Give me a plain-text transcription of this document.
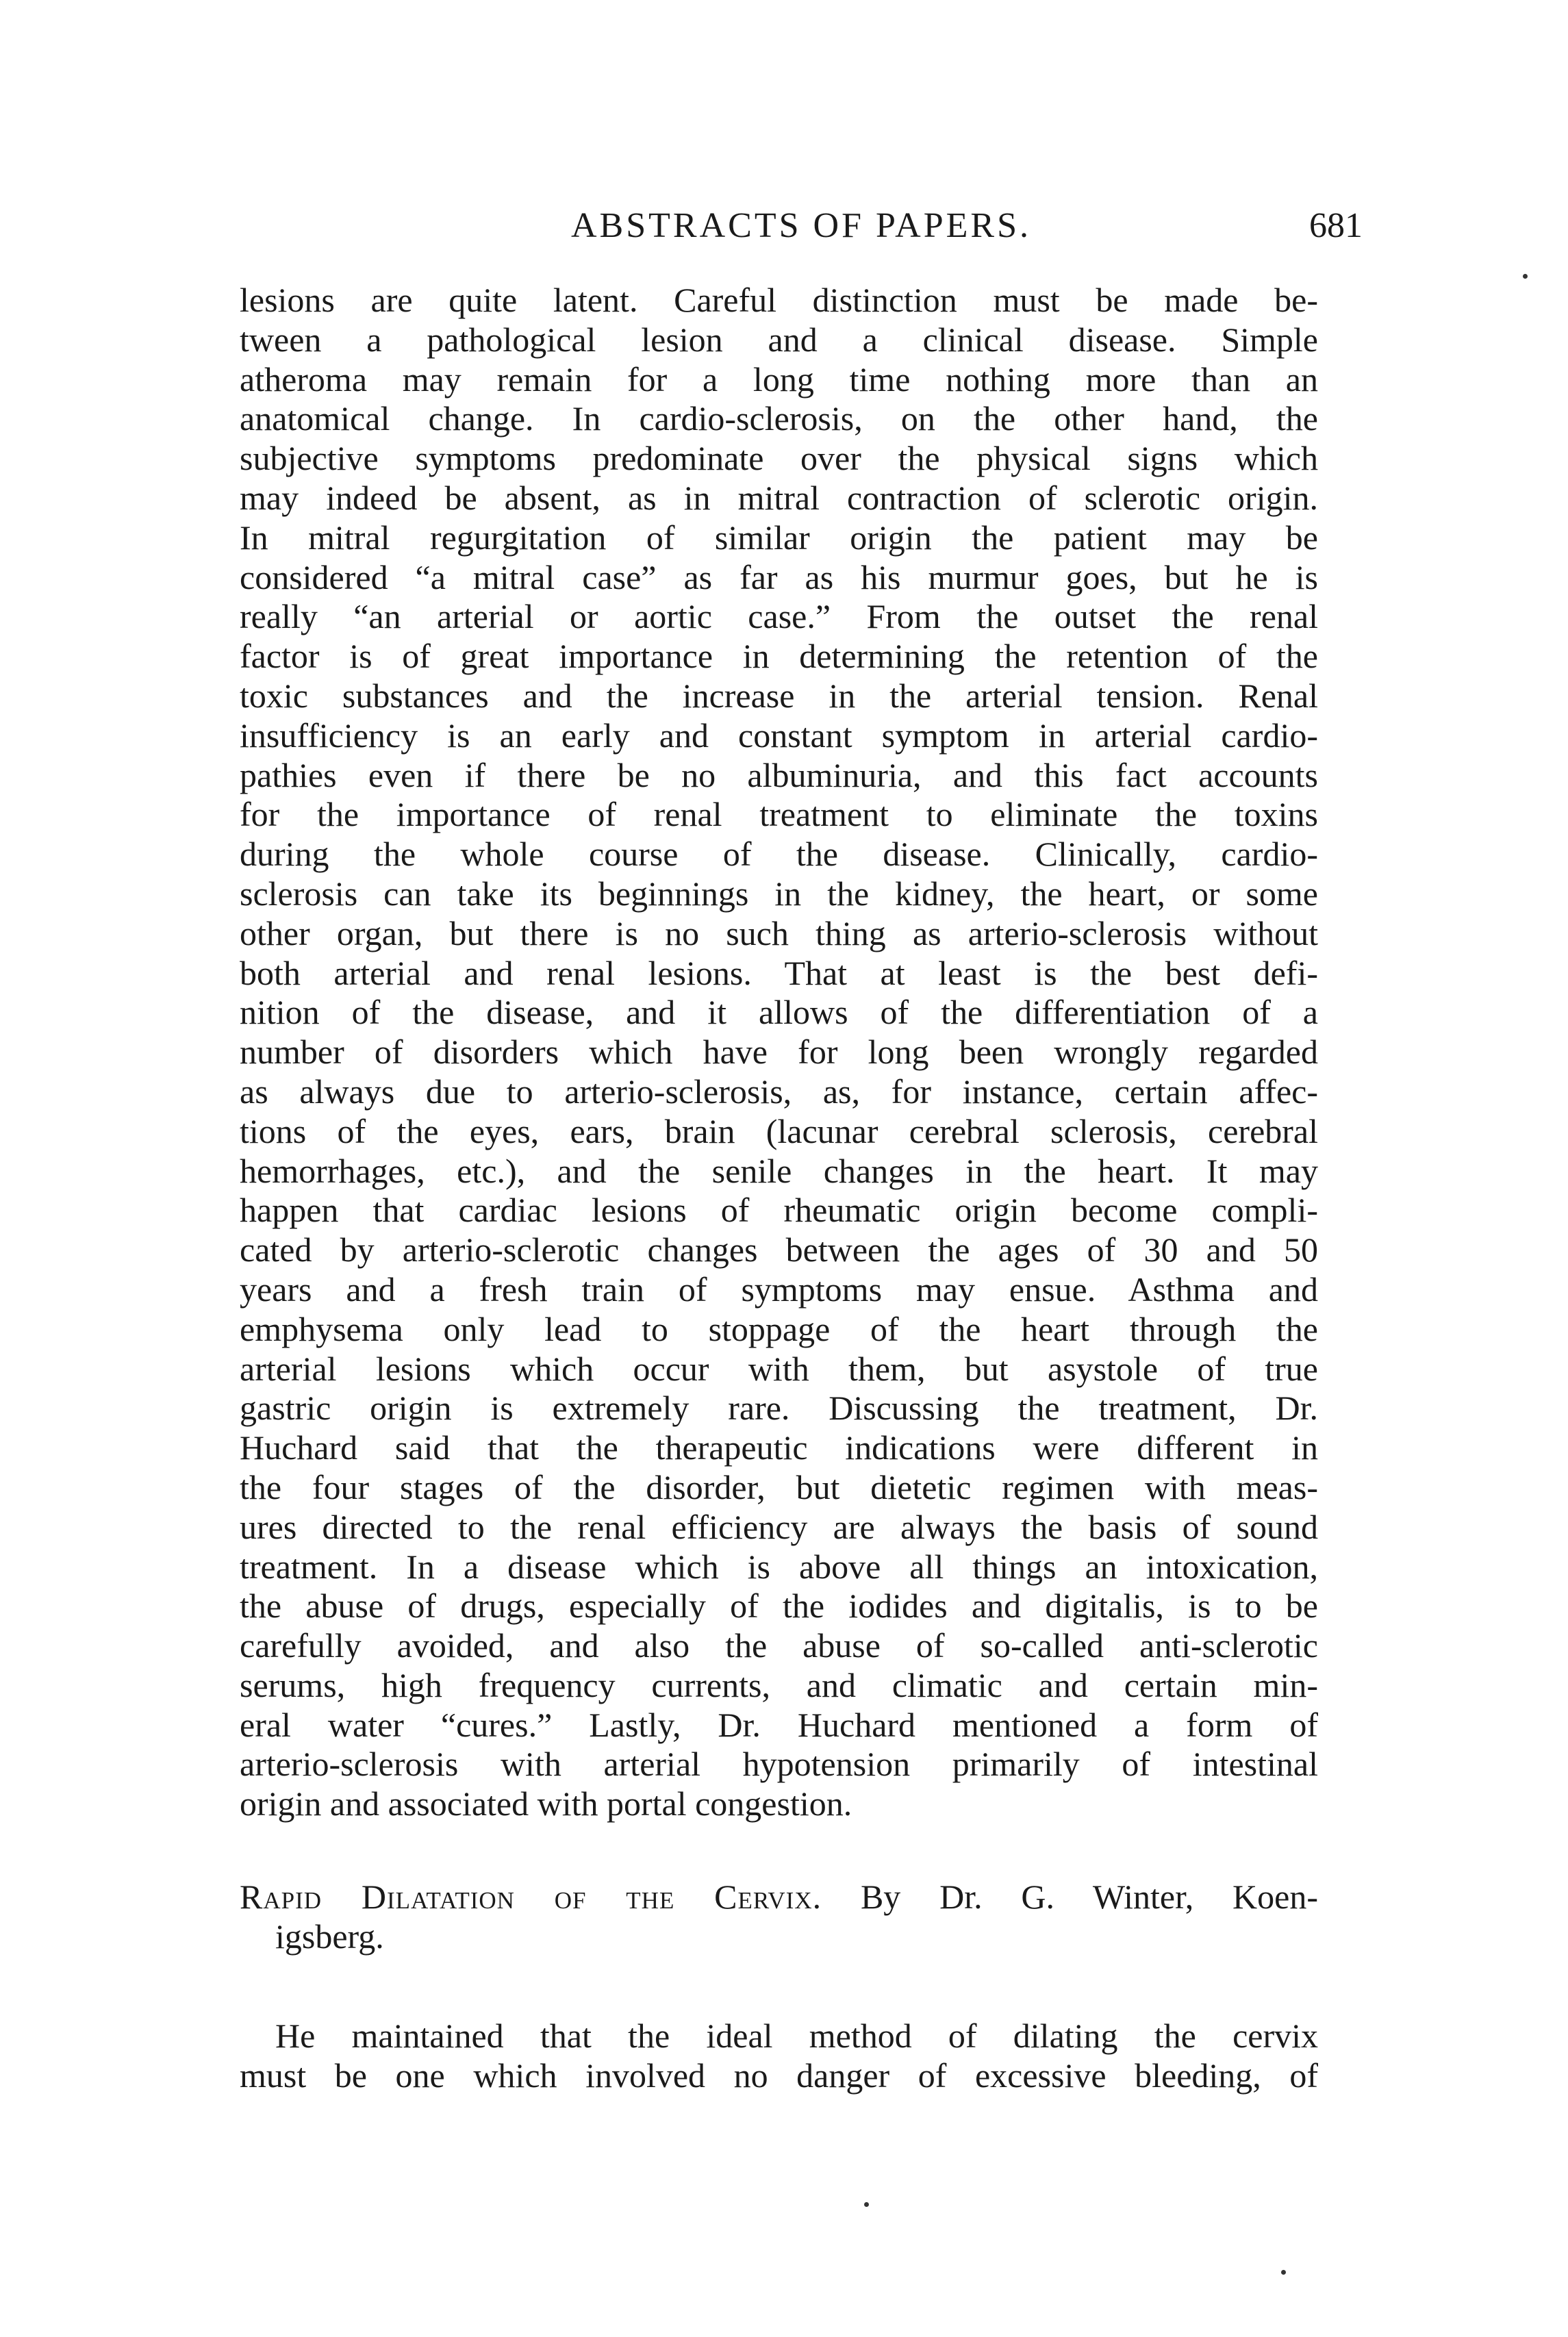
ABSTRACTS OF PAPERS.	681
lesions are quite latent. Careful distinction must be made be-
tween a pathological lesion and a clinical disease. Simple
atheroma may remain for a long time nothing more than an
anatomical change. In cardio-sclerosis, on the other hand, the
subjective symptoms predominate over the physical signs which
may indeed be absent, as in mitral contraction of sclerotic origin.
In mitral regurgitation of similar origin the patient may be
considered “a mitral case” as far as his murmur goes, but he is
really “an arterial or aortic case.” From the outset the renal
factor is of great importance in determining the retention of the
toxic substances and the increase in the arterial tension. Renal
insufficiency is an early and constant symptom in arterial cardio-
pathies even if there be no albuminuria, and this fact accounts
for the importance of renal treatment to eliminate the toxins
during the whole course of the disease. Clinically, cardio-
sclerosis can take its beginnings in the kidney, the heart, or some
other organ, but there is no such thing as arterio-sclerosis without
both arterial and renal lesions. That at least is the best defi-
nition of the disease, and it allows of the differentiation of a
number of disorders which have for long been wrongly regarded
as always due to arterio-sclerosis, as, for instance, certain affec-
tions of the eyes, ears, brain (lacunar cerebral sclerosis, cerebral
hemorrhages, etc.), and the senile changes in the heart. It may
happen that cardiac lesions of rheumatic origin become compli-
cated by arterio-sclerotic changes between the ages of 30 and 50
years and a fresh train of symptoms may ensue. Asthma and
emphysema only lead to stoppage of the heart through the
arterial lesions which occur with them, but asystole of true
gastric origin is extremely rare. Discussing the treatment, Dr.
Huchard said that the therapeutic indications were different in
the four stages of the disorder, but dietetic regimen with meas-
ures directed to the renal efficiency are always the basis of sound
treatment. In a disease which is above all things an intoxication,
the abuse of drugs, especially of the iodides and digitalis, is to be
carefully avoided, and also the abuse of so-called anti-sclerotic
serums, high frequency currents, and climatic and certain min-
eral water “cures.” Lastly, Dr. Huchard mentioned a form of
arterio-sclerosis with arterial hypotension primarily of intestinal
origin and associated with portal congestion.
Rapid Dilatation of the Cervix. By Dr. G. Winter, Koen-
igsberg.
He maintained that the ideal method of dilating the cervix
must be one which involved no danger of excessive bleeding, of
